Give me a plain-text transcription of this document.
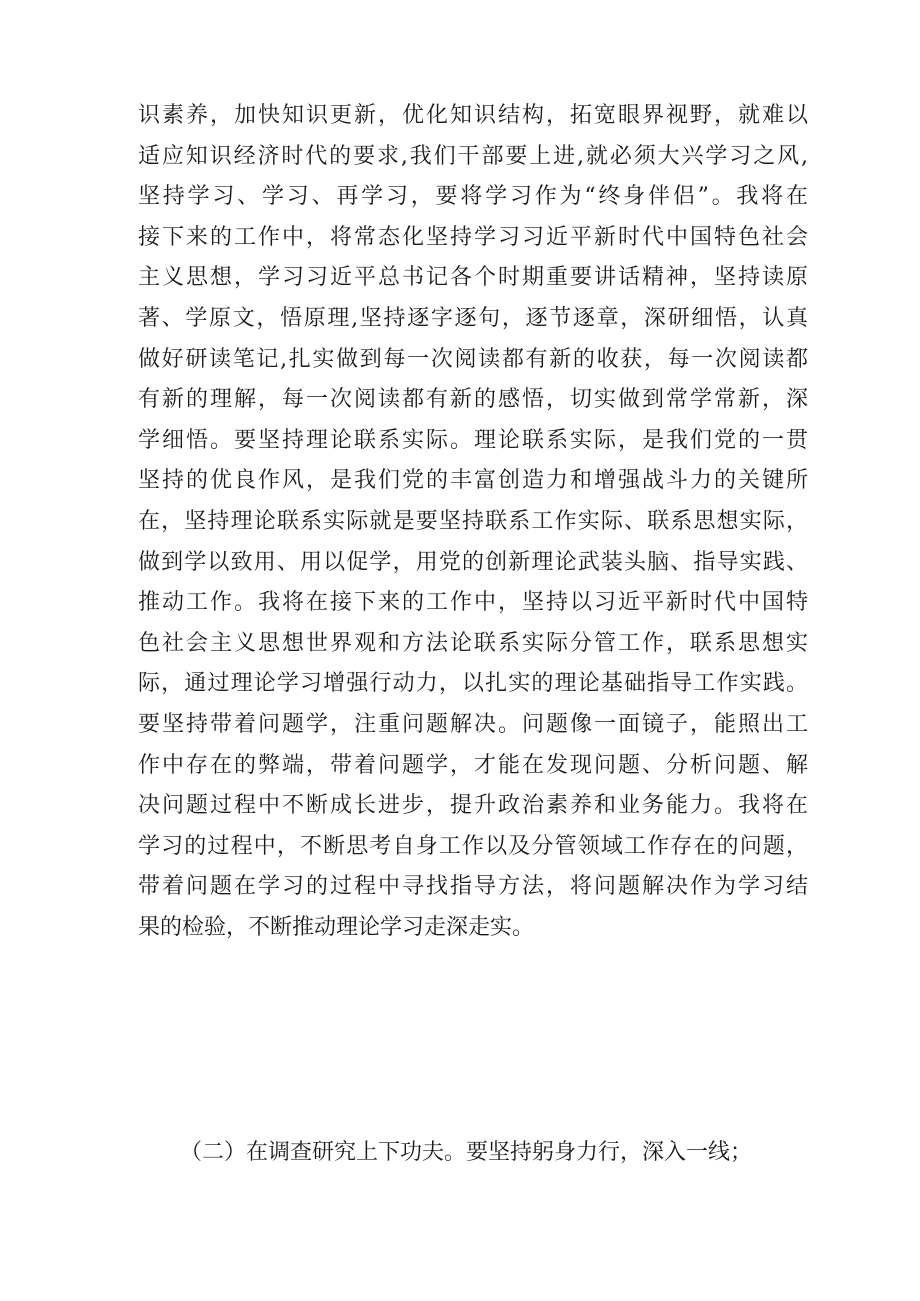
识素养，加快知识更新，优化知识结构，拓宽眼界视野，就难以
适应知识经济时代的要求,我们干部要上进,就必须大兴学习之风,
坚持学习、学习、再学习，要将学习作为“终身伴侣”。我将在
接下来的工作中，将常态化坚持学习习近平新时代中国特色社会
主义思想，学习习近平总书记各个时期重要讲话精神，坚持读原
著、学原文，悟原理,坚持逐字逐句，逐节逐章，深研细悟，认真
做好研读笔记,扎实做到每一次阅读都有新的收获，每一次阅读都
有新的理解，每一次阅读都有新的感悟，切实做到常学常新，深
学细悟。要坚持理论联系实际。理论联系实际，是我们党的一贯
坚持的优良作风，是我们党的丰富创造力和增强战斗力的关键所
在，坚持理论联系实际就是要坚持联系工作实际、联系思想实际，
做到学以致用、用以促学，用党的创新理论武装头脑、指导实践、
推动工作。我将在接下来的工作中，坚持以习近平新时代中国特
色社会主义思想世界观和方法论联系实际分管工作，联系思想实
际，通过理论学习增强行动力，以扎实的理论基础指导工作实践。
要坚持带着问题学，注重问题解决。问题像一面镜子，能照出工
作中存在的弊端，带着问题学，才能在发现问题、分析问题、解
决问题过程中不断成长进步，提升政治素养和业务能力。我将在
学习的过程中，不断思考自身工作以及分管领域工作存在的问题，
带着问题在学习的过程中寻找指导方法，将问题解决作为学习结
果的检验，不断推动理论学习走深走实。
（二）在调查研究上下功夫。要坚持躬身力行，深入一线；
